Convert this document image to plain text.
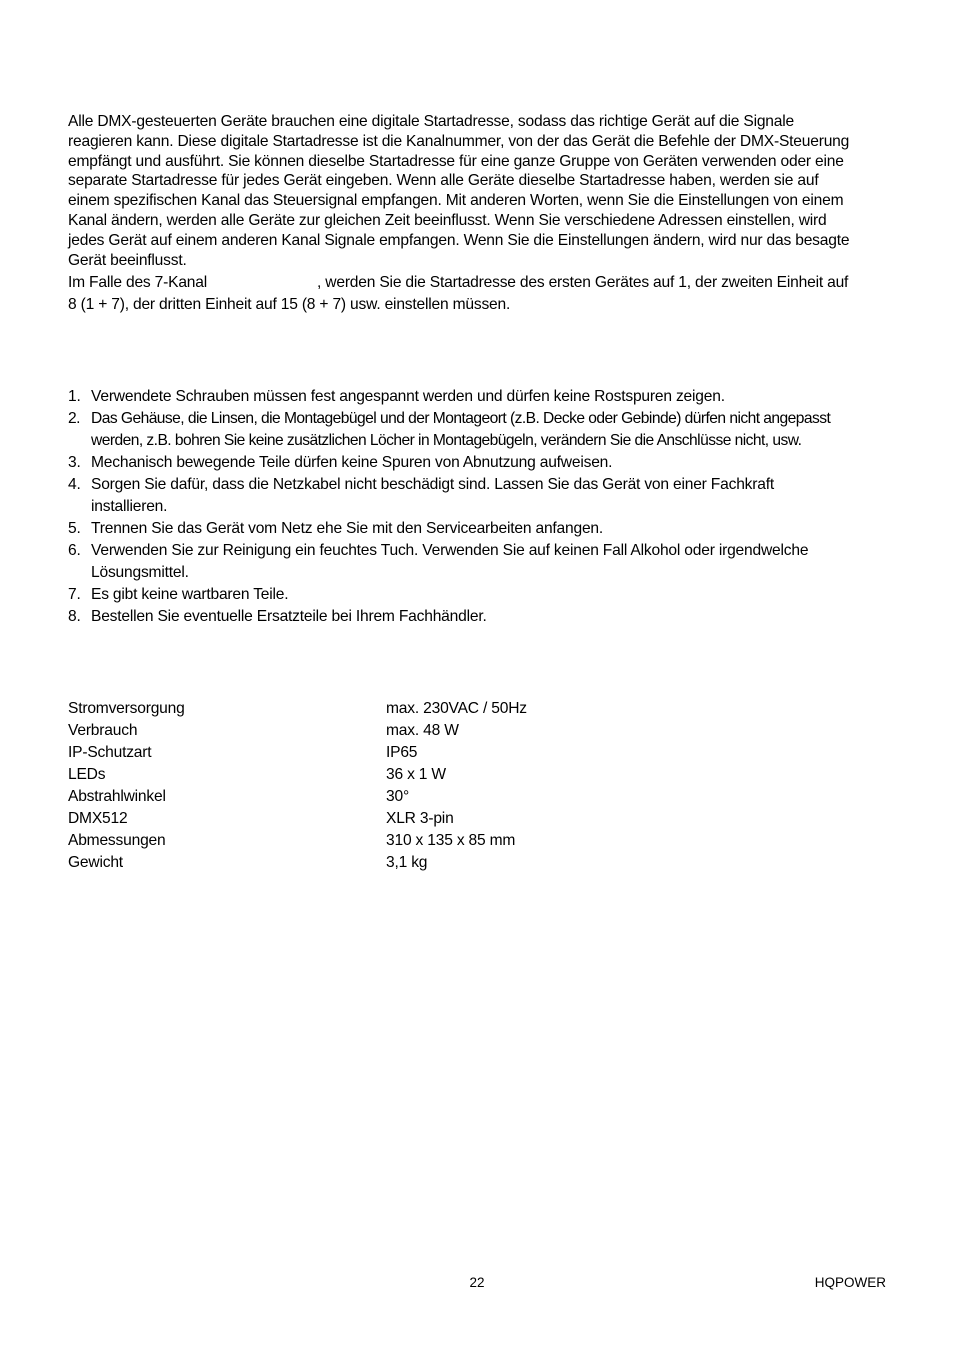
Alle DMX-gesteuerten Geräte brauchen eine digitale Startadresse, sodass das richtige Gerät auf die Signale
reagieren kann. Diese digitale Startadresse ist die Kanalnummer, von der das Gerät die Befehle der DMX-Steuerung
empfängt und ausführt. Sie können dieselbe Startadresse für eine ganze Gruppe von Geräten verwenden oder eine
separate Startadresse für jedes Gerät eingeben. Wenn alle Geräte dieselbe Startadresse haben, werden sie auf
einem spezifischen Kanal das Steuersignal empfangen. Mit anderen Worten, wenn Sie die Einstellungen von einem
Kanal ändern, werden alle Geräte zur gleichen Zeit beeinflusst. Wenn Sie verschiedene Adressen einstellen, wird
jedes Gerät auf einem anderen Kanal Signale empfangen. Wenn Sie die Einstellungen ändern, wird nur das besagte
Gerät beeinflusst.
Im Falle des 7-Kanal	, werden Sie die Startadresse des ersten Gerätes auf 1, der zweiten Einheit auf
8 (1 + 7), der dritten Einheit auf 15 (8 + 7) usw. einstellen müssen.
1. Verwendete Schrauben müssen fest angespannt werden und dürfen keine Rostspuren zeigen.
2. Das Gehäuse, die Linsen, die Montagebügel und der Montageort (z.B. Decke oder Gebinde) dürfen nicht angepasst
werden, z.B. bohren Sie keine zusätzlichen Löcher in Montagebügeln, verändern Sie die Anschlüsse nicht, usw.
3. Mechanisch bewegende Teile dürfen keine Spuren von Abnutzung aufweisen.
4. Sorgen Sie dafür, dass die Netzkabel nicht beschädigt sind. Lassen Sie das Gerät von einer Fachkraft
installieren.
5. Trennen Sie das Gerät vom Netz ehe Sie mit den Servicearbeiten anfangen.
6. Verwenden Sie zur Reinigung ein feuchtes Tuch. Verwenden Sie auf keinen Fall Alkohol oder irgendwelche
Lösungsmittel.
7. Es gibt keine wartbaren Teile.
8. Bestellen Sie eventuelle Ersatzteile bei Ihrem Fachhändler.
Stromversorgung	max. 230VAC / 50Hz
Verbrauch	max. 48 W
IP-Schutzart	IP65
LEDs	36 x 1 W
Abstrahlwinkel	30°
DMX512	XLR 3-pin
Abmessungen	310 x 135 x 85 mm
Gewicht	3,1 kg
22	HQPOWER
